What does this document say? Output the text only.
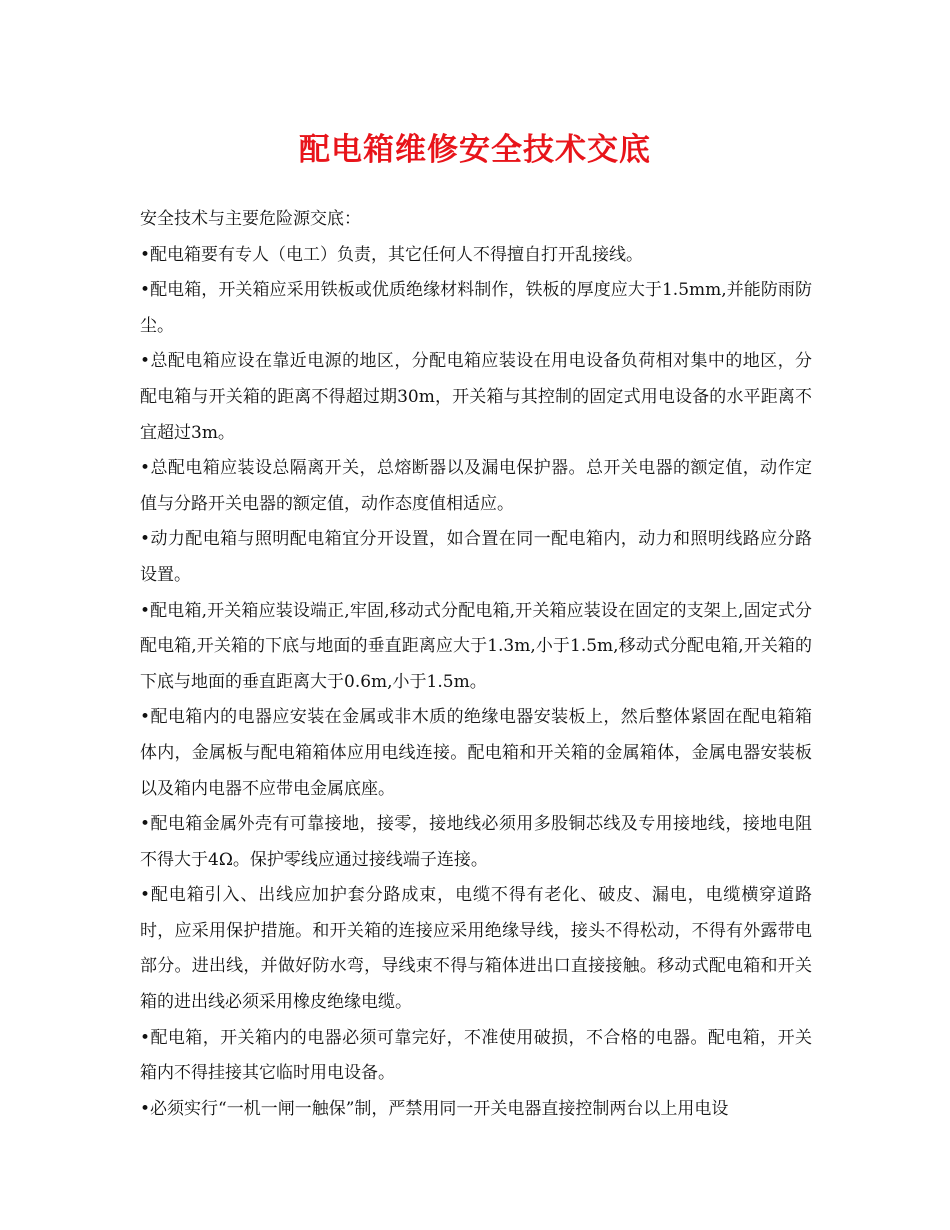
配电箱维修安全技术交底

安全技术与主要危险源交底：

•配电箱要有专人（电工）负责，其它任何人不得擅自打开乱接线。

•配电箱，开关箱应采用铁板或优质绝缘材料制作，铁板的厚度应大于1.5mm,并能防雨防尘。

•总配电箱应设在靠近电源的地区，分配电箱应装设在用电设备负荷相对集中的地区，分配电箱与开关箱的距离不得超过期30m，开关箱与其控制的固定式用电设备的水平距离不宜超过3m。

•总配电箱应装设总隔离开关，总熔断器以及漏电保护器。总开关电器的额定值，动作定值与分路开关电器的额定值，动作态度值相适应。

•动力配电箱与照明配电箱宜分开设置，如合置在同一配电箱内，动力和照明线路应分路设置。

•配电箱,开关箱应装设端正,牢固,移动式分配电箱,开关箱应装设在固定的支架上,固定式分配电箱,开关箱的下底与地面的垂直距离应大于1.3m,小于1.5m,移动式分配电箱,开关箱的下底与地面的垂直距离大于0.6m,小于1.5m。

•配电箱内的电器应安装在金属或非木质的绝缘电器安装板上，然后整体紧固在配电箱箱体内，金属板与配电箱箱体应用电线连接。配电箱和开关箱的金属箱体，金属电器安装板以及箱内电器不应带电金属底座。

•配电箱金属外壳有可靠接地，接零，接地线必须用多股铜芯线及专用接地线，接地电阻不得大于4Ω。保护零线应通过接线端子连接。

•配电箱引入、出线应加护套分路成束，电缆不得有老化、破皮、漏电，电缆横穿道路时，应采用保护措施。和开关箱的连接应采用绝缘导线，接头不得松动，不得有外露带电部分。进出线，并做好防水弯，导线束不得与箱体进出口直接接触。移动式配电箱和开关箱的进出线必须采用橡皮绝缘电缆。

•配电箱，开关箱内的电器必须可靠完好，不准使用破损，不合格的电器。配电箱，开关箱内不得挂接其它临时用电设备。

•必须实行“一机一闸一触保”制，严禁用同一开关电器直接控制两台以上用电设
